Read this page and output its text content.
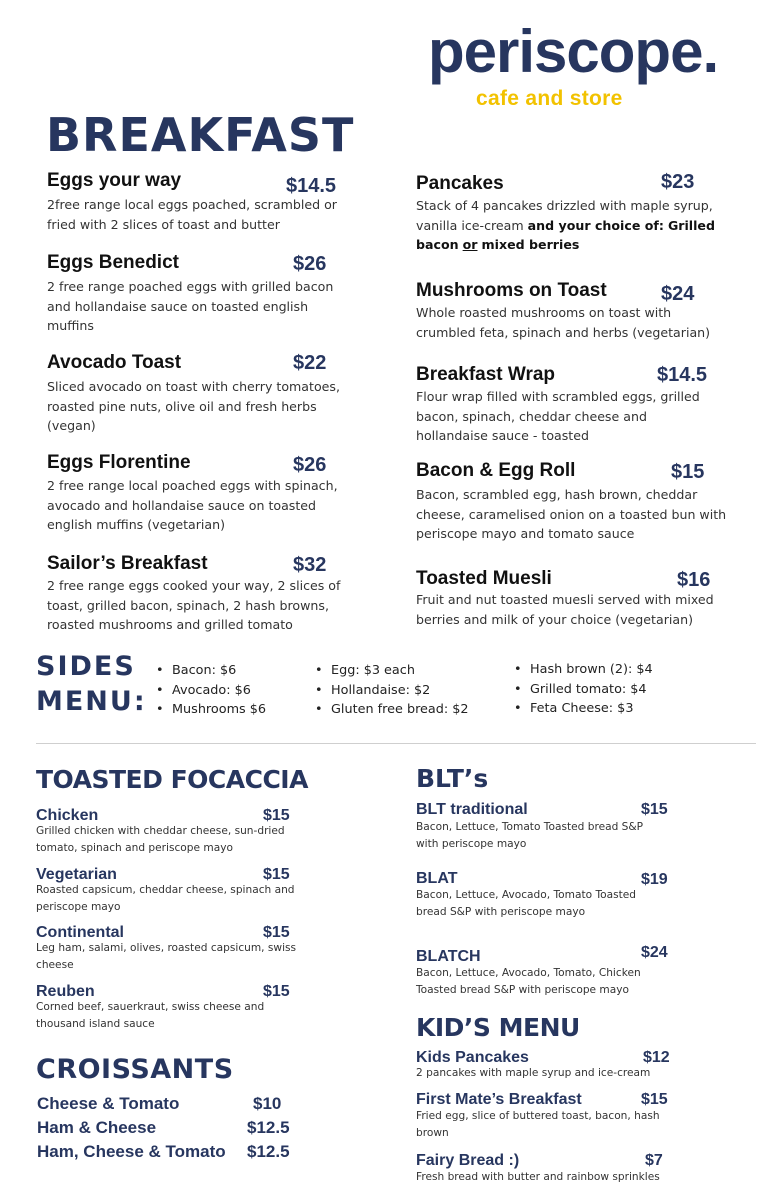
periscope.
cafe and store
BREAKFAST
Eggs your way	$14.5
2free range local eggs poached, scrambled or fried with 2 slices of toast and butter
Eggs Benedict	$26
2 free range poached eggs with grilled bacon and hollandaise sauce on toasted english muffins
Avocado Toast	$22
Sliced avocado on toast with cherry tomatoes, roasted pine nuts, olive oil and fresh herbs (vegan)
Eggs Florentine	$26
2 free range local poached eggs with spinach, avocado and hollandaise sauce on toasted english muffins (vegetarian)
Sailor’s Breakfast	$32
2 free range eggs cooked your way, 2 slices of toast, grilled bacon, spinach, 2 hash browns, roasted mushrooms and grilled tomato
Pancakes	$23
Stack of 4 pancakes drizzled with maple syrup, vanilla ice-cream and your choice of: Grilled bacon or mixed berries
Mushrooms on Toast	$24
Whole roasted mushrooms on toast with crumbled feta, spinach and herbs (vegetarian)
Breakfast Wrap	$14.5
Flour wrap filled with scrambled eggs, grilled bacon, spinach, cheddar cheese and hollandaise sauce - toasted
Bacon & Egg Roll	$15
Bacon, scrambled egg, hash brown, cheddar cheese, caramelised onion on a toasted bun with periscope mayo and tomato sauce
Toasted Muesli	$16
Fruit and nut toasted muesli served with mixed berries and milk of your choice (vegetarian)
SIDES
MENU:
• Bacon: $6
• Avocado: $6
• Mushrooms $6
• Egg: $3 each
• Hollandaise: $2
• Gluten free bread: $2
• Hash brown (2): $4
• Grilled tomato: $4
• Feta Cheese: $3
TOASTED FOCACCIA
Chicken	$15
Grilled chicken with cheddar cheese, sun-dried tomato, spinach and periscope mayo
Vegetarian	$15
Roasted capsicum, cheddar cheese, spinach and periscope mayo
Continental	$15
Leg ham, salami, olives, roasted capsicum, swiss cheese
Reuben	$15
Corned beef, sauerkraut, swiss cheese and thousand island sauce
CROISSANTS
Cheese & Tomato	$10
Ham & Cheese	$12.5
Ham, Cheese & Tomato $12.5
BLT’s
BLT traditional	$15
Bacon, Lettuce, Tomato Toasted bread S&P with periscope mayo
BLAT	$19
Bacon, Lettuce, Avocado, Tomato Toasted bread S&P with periscope mayo
BLATCH	$24
Bacon, Lettuce, Avocado, Tomato, Chicken Toasted bread S&P with periscope mayo
KID’S MENU
Kids Pancakes	$12
2 pancakes with maple syrup and ice-cream
First Mate’s Breakfast	$15
Fried egg, slice of buttered toast, bacon, hash brown
Fairy Bread :)	$7
Fresh bread with butter and rainbow sprinkles
